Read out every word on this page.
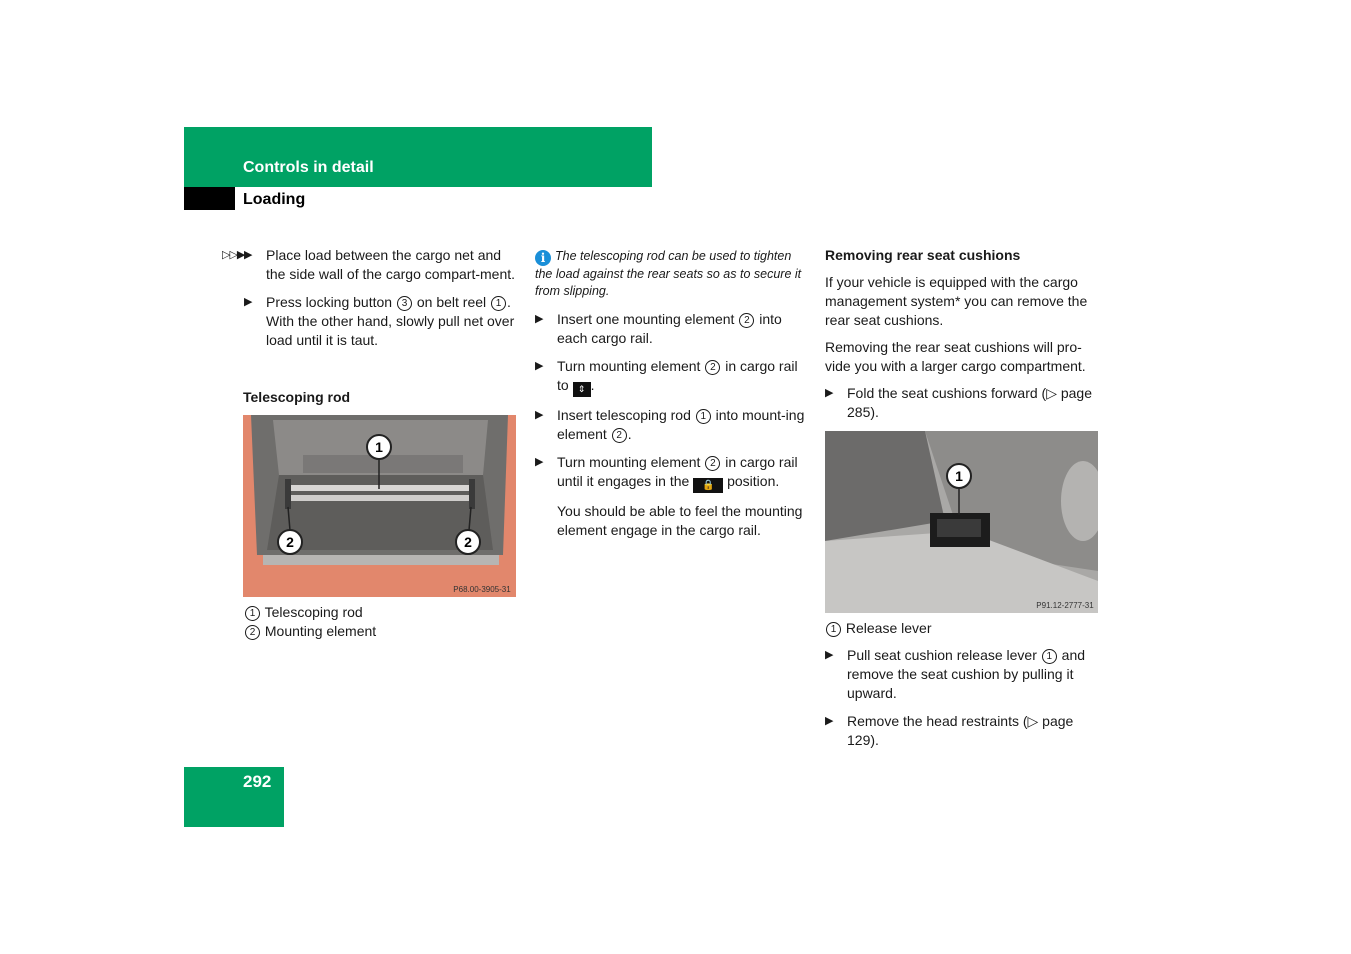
Controls in detail
Loading

▶
▷▷▶ Place load between the cargo net and the side wall of the cargo compart-ment.

▶ Press locking button 3 on belt reel 1 . With the other hand, slowly pull net over load until it is taut.

Telescoping rod
1
2	2
P68.00-3905-31

1 Telescoping rod

2 Mounting element

i The telescoping rod can be used to tighten the load against the rear seats so as to secure it from slipping.

▶ Insert one mounting element 2 into each cargo rail.

▶ Turn mounting element 2 in cargo rail to ⇕ .

▶ Insert telescoping rod 1 into mount-ing element 2 .

▶ Turn mounting element 2 in cargo rail until it engages in the 🔒 position.

You should be able to feel the mounting element engage in the cargo rail.

Removing rear seat cushions

If your vehicle is equipped with the cargo management system* you can remove the rear seat cushions.

Removing the rear seat cushions will pro-vide you with a larger cargo compartment.

▶ Fold the seat cushions forward (▷ page 285).

1
P91.12-2777-31

1 Release lever

▶ Pull seat cushion release lever 1 and remove the seat cushion by pulling it upward.

▶ Remove the head restraints (▷ page 129).

292
